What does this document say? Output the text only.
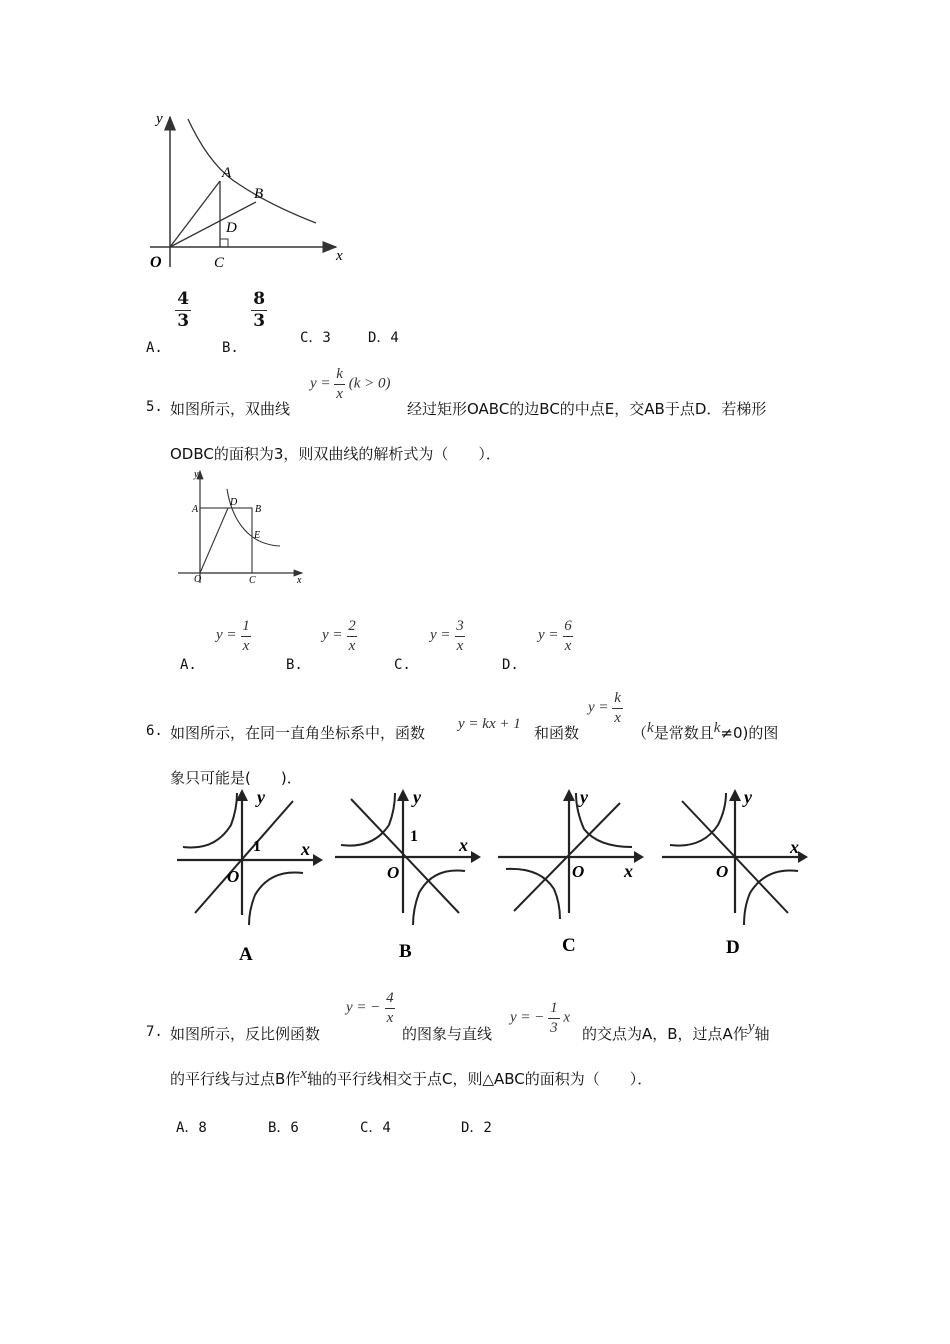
y
x
O
A
B
C
D
A.
$\frac{4}{3}$
B.
$\frac{8}{3}$
C．3	D．4
5. 如图所示，双曲线
$y = \frac{k}{x} (k > 0)$
经过矩形OABC的边BC的中点E，交AB于点D．若梯形
ODBC的面积为3，则双曲线的解析式为（　　）．
y
x
O
A	B
C
D
E
A. $y = \frac{1}{x}$
B. $y = \frac{2}{x}$
C. $y = \frac{3}{x}$
D. $y = \frac{6}{x}$
6. 如图所示，在同一直角坐标系中，函数 y = kx + 1 和函数
$y = \frac{k}{x}$
（k是常数且k≠0)的图
象只可能是(　　)．
y
x
O
1
A
y
x
O
1
B
y
x
O
C
y
x
O
D
7. 如图所示，反比例函数
y = − $\frac{4}{x}$
的图象与直线
y = − $\frac{1}{3}$ x
的交点为A，B，过点A作y轴
的平行线与过点B作x轴的平行线相交于点C，则△ABC的面积为（　　）．
A．8	B．6	C．4	D．2
